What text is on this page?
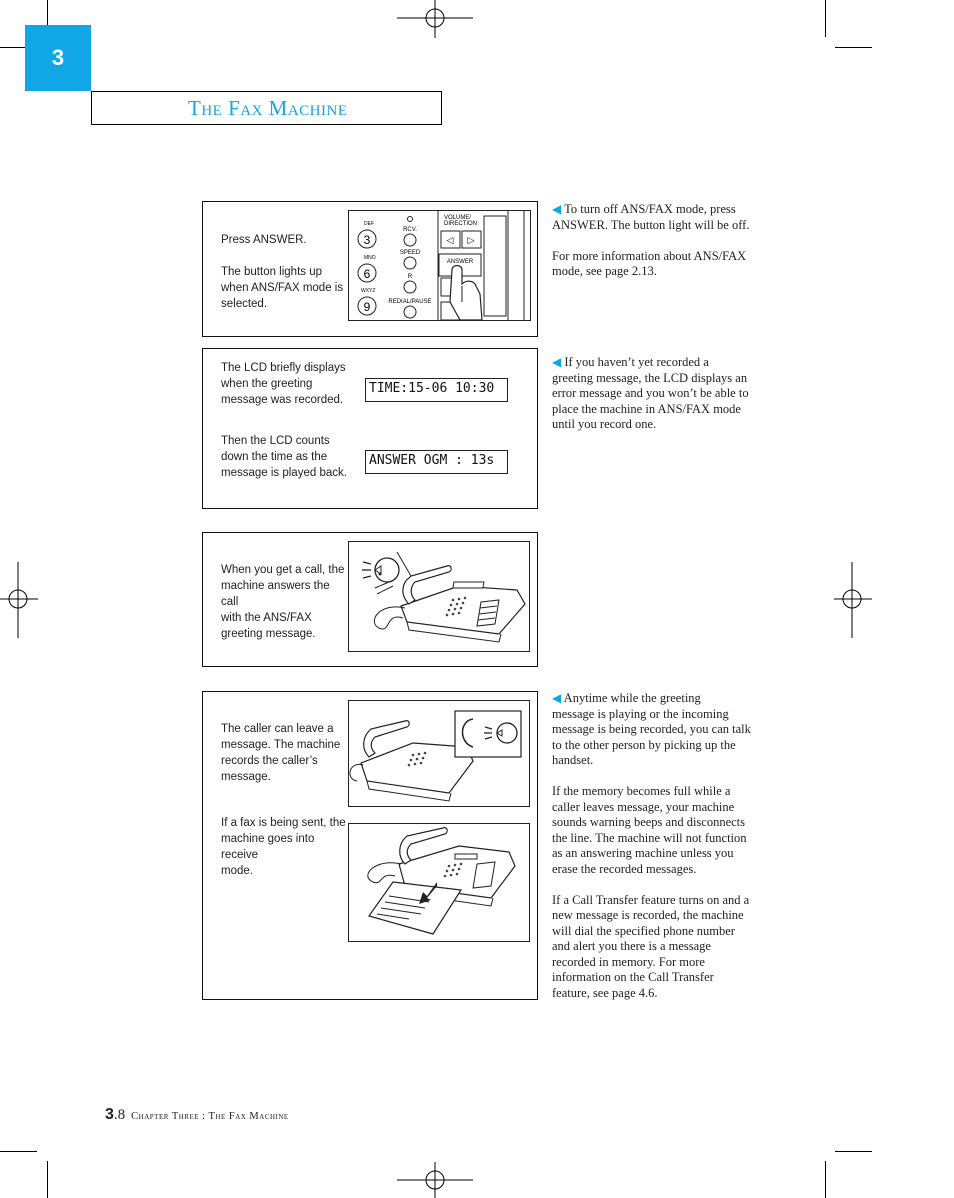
3
The Fax Machine
Press ANSWER.

The button lights up
when ANS/FAX mode is
selected.
DEF
3
MNO
6
WXYZ
9
RCV.
SPEED
R
REDIAL/PAUSE
VOLUME/
DIRECTION
◁ ▷
ANSWER
The LCD briefly displays
when the greeting
message was recorded.
TIME:15-06 10:30
Then the LCD counts
down the time as the
message is played back.
ANSWER OGM : 13s
When you get a call, the
machine answers the call
with the ANS/FAX
greeting message.
The caller can leave a
message. The machine
records the caller’s
message.
If a fax is being sent, the
machine goes into receive
mode.
◀ To turn off ANS/FAX mode, press
ANSWER. The button light will be off.

For more information about ANS/FAX
mode, see page 2.13.
◀ If you haven’t yet recorded a
greeting message, the LCD displays an
error message and you won’t be able to
place the machine in ANS/FAX mode
until you record one.
◀ Anytime while the greeting
message is playing or the incoming
message is being recorded, you can talk
to the other person by picking up the
handset.

If the memory becomes full while a
caller leaves message, your machine
sounds warning beeps and disconnects
the line. The machine will not function
as an answering machine unless you
erase the recorded messages.

If a Call Transfer feature turns on and a
new message is recorded, the machine
will dial the specified phone number
and alert you there is a message
recorded in memory. For more
information on the Call Transfer
feature, see page 4.6.
3.8 Chapter Three : The Fax Machine
